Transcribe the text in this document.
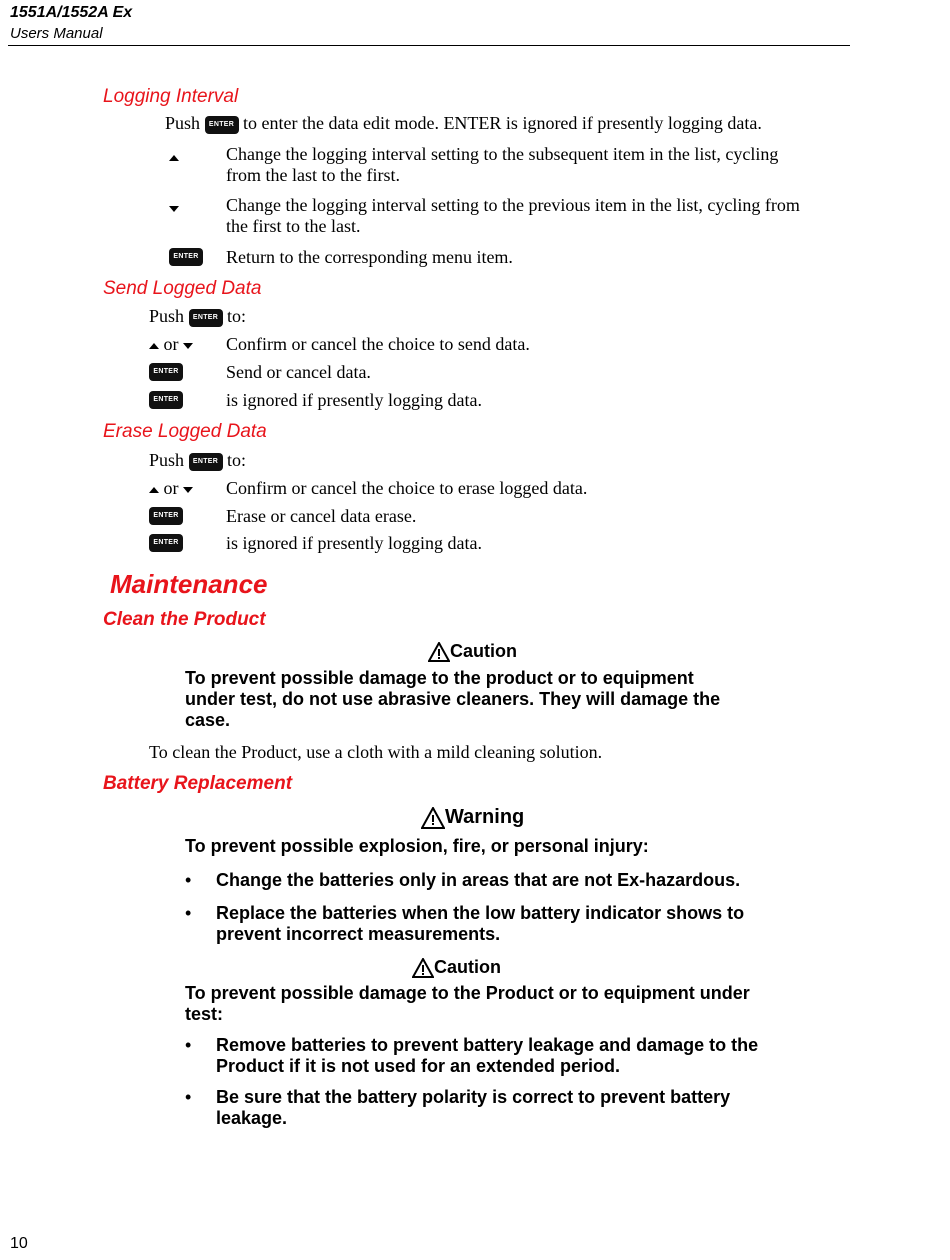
1551A/1552A Ex
Users Manual
Logging Interval
Push ENTER to enter the data edit mode. ENTER is ignored if presently logging data.
Change the logging interval setting to the subsequent item in the list, cycling
from the last to the first.
Change the logging interval setting to the previous item in the list, cycling from
the first to the last.
ENTER Return to the corresponding menu item.
Send Logged Data
Push ENTER to:
or	Confirm or cancel the choice to send data.
ENTER	Send or cancel data.
ENTER	is ignored if presently logging data.
Erase Logged Data
Push ENTER to:
or	Confirm or cancel the choice to erase logged data.
ENTER	Erase or cancel data erase.
ENTER	is ignored if presently logging data.
Maintenance
Clean the Product
Caution
To prevent possible damage to the product or to equipment
under test, do not use abrasive cleaners. They will damage the
case.
To clean the Product, use a cloth with a mild cleaning solution.
Battery Replacement
Warning
To prevent possible explosion, fire, or personal injury:
• Change the batteries only in areas that are not Ex-hazardous.
• Replace the batteries when the low battery indicator shows to
prevent incorrect measurements.
Caution
To prevent possible damage to the Product or to equipment under
test:
• Remove batteries to prevent battery leakage and damage to the
Product if it is not used for an extended period.
• Be sure that the battery polarity is correct to prevent battery
leakage.
10
